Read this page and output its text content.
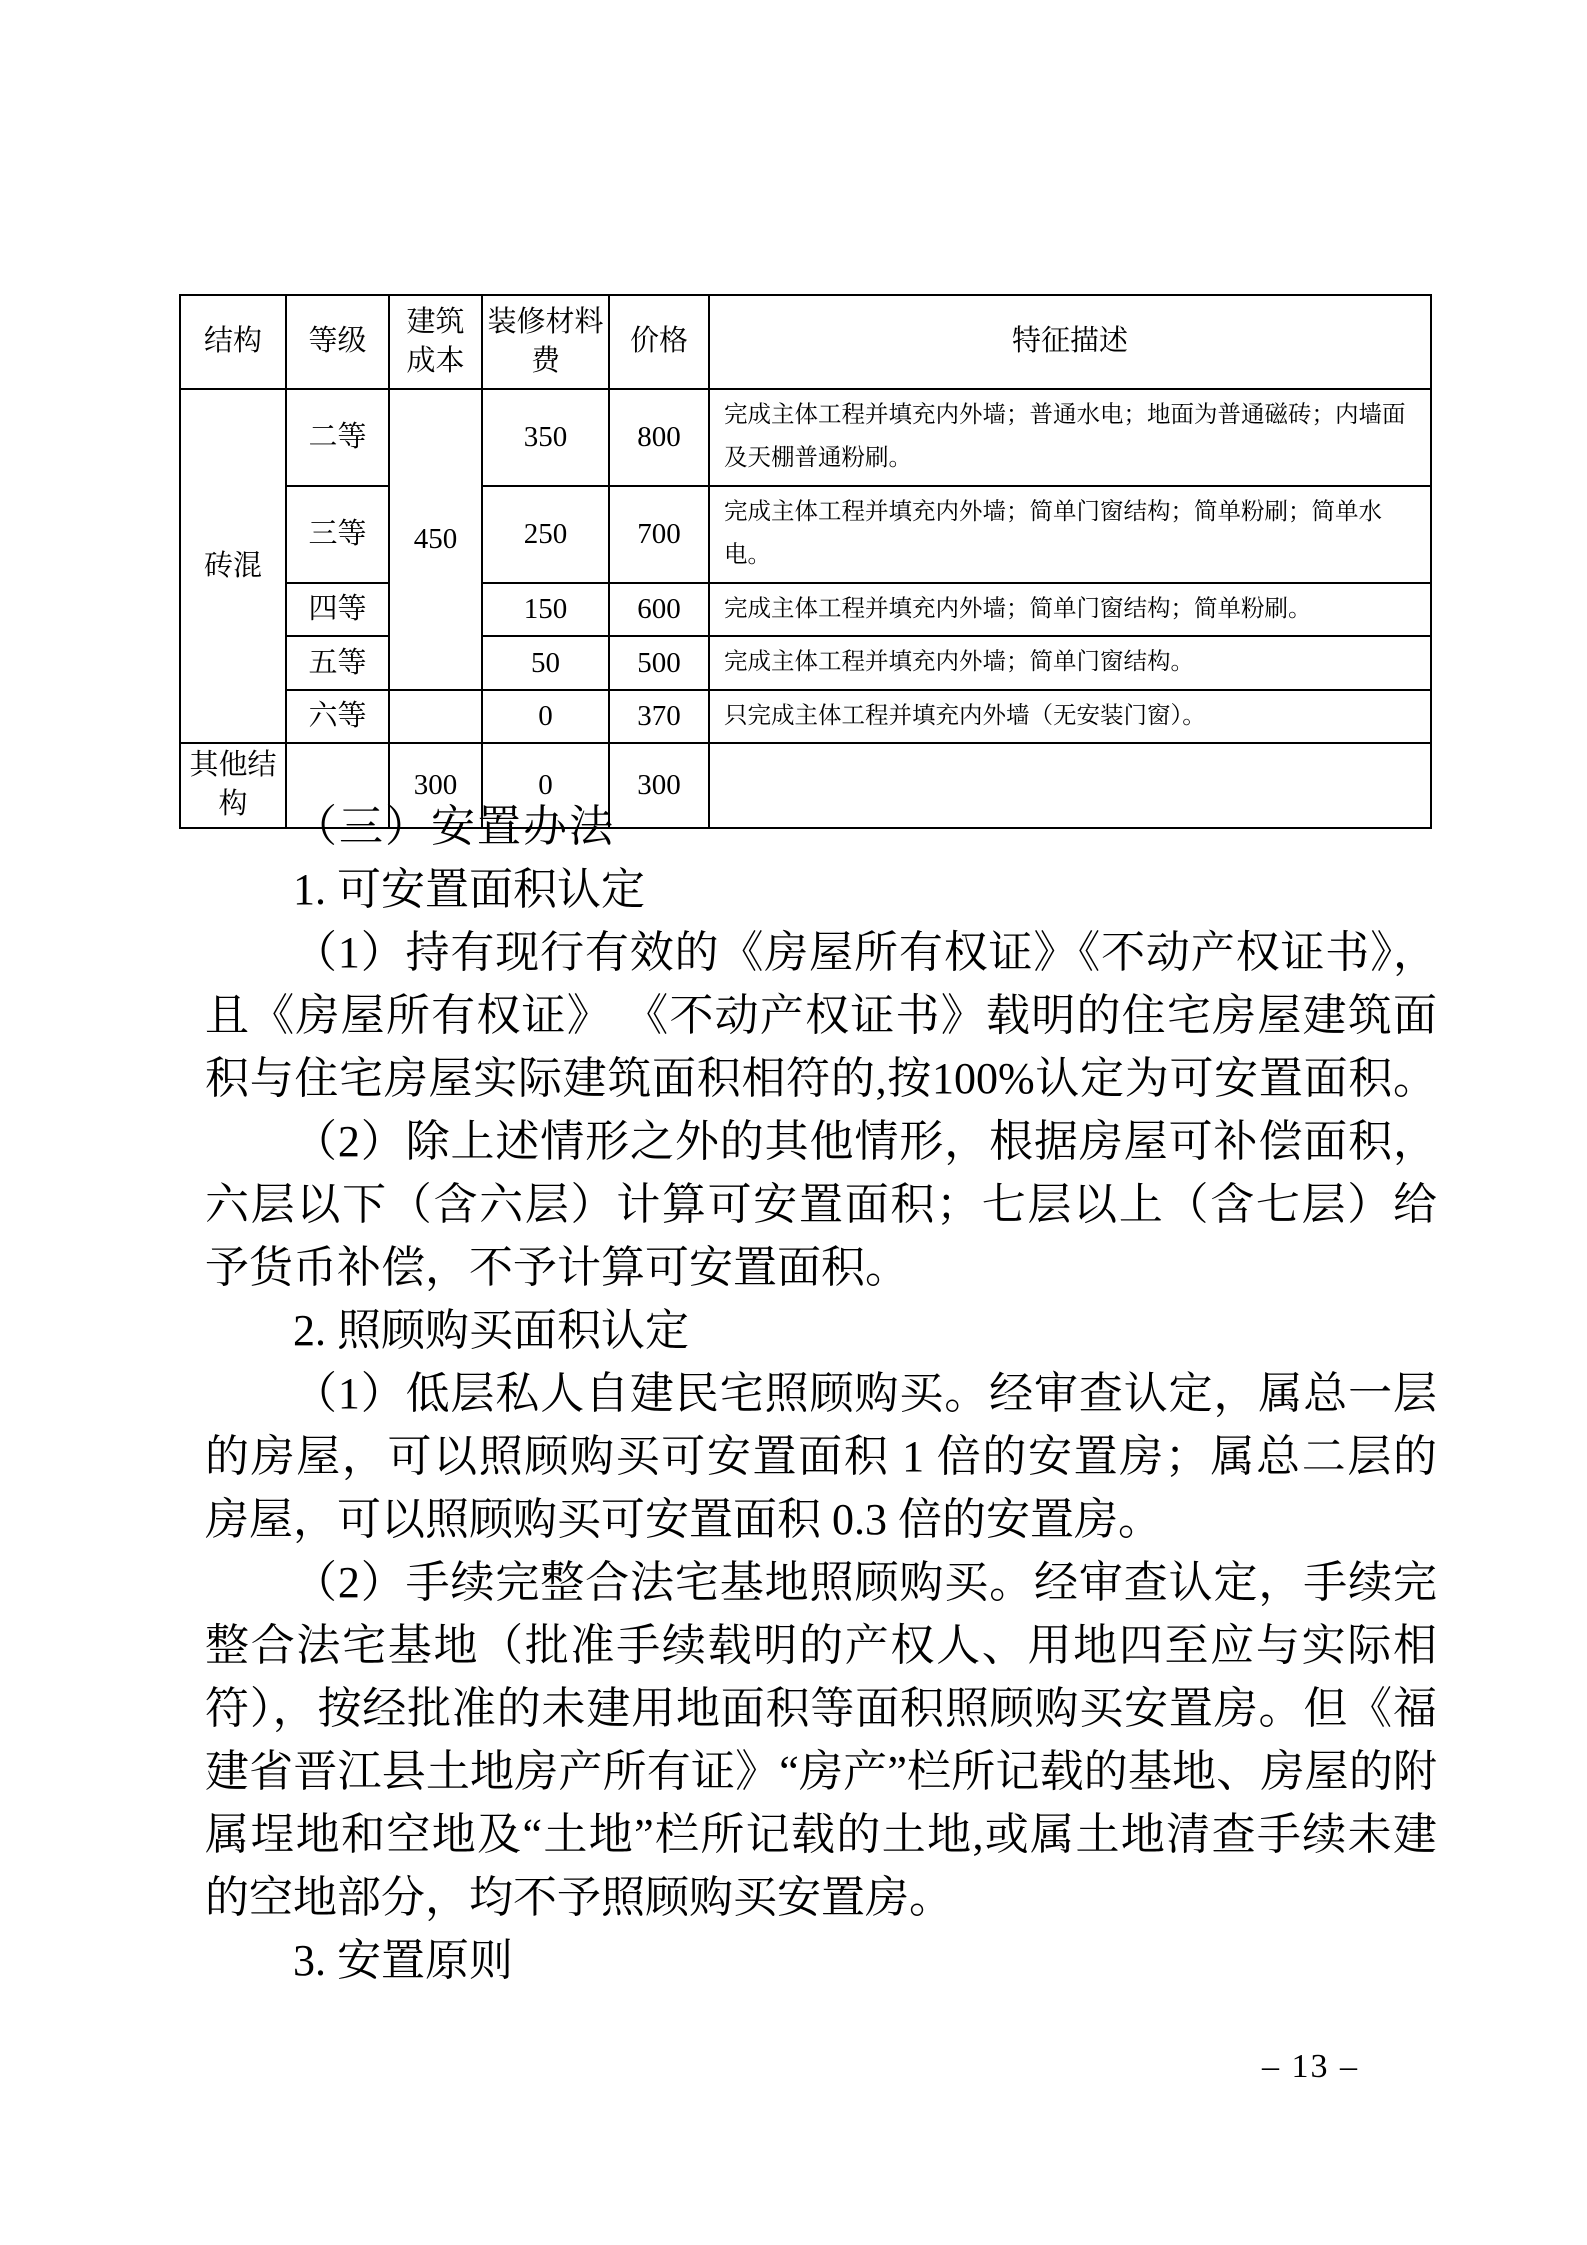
结构	等级	建筑成本	装修材料费	价格	特征描述
砖混	二等	450	350	800	完成主体工程并填充内外墙；普通水电；地面为普通磁砖；内墙面及天棚普通粉刷。
	三等		250	700	完成主体工程并填充内外墙；简单门窗结构；简单粉刷；简单水电。
	四等		150	600	完成主体工程并填充内外墙；简单门窗结构；简单粉刷。
	五等		50	500	完成主体工程并填充内外墙；简单门窗结构。
	六等		0	370	只完成主体工程并填充内外墙（无安装门窗）。
其他结构		300	0	300	
（三）安置办法
1. 可安置面积认定
（1）持有现行有效的《房屋所有权证》《不动产权证书》，
且《房屋所有权证》 《不动产权证书》载明的住宅房屋建筑面
积与住宅房屋实际建筑面积相符的,按100%认定为可安置面积。
（2）除上述情形之外的其他情形，根据房屋可补偿面积，
六层以下（含六层）计算可安置面积；七层以上（含七层）给
予货币补偿，不予计算可安置面积。
2. 照顾购买面积认定
（1）低层私人自建民宅照顾购买。经审查认定，属总一层
的房屋，可以照顾购买可安置面积 1 倍的安置房；属总二层的
房屋，可以照顾购买可安置面积 0.3 倍的安置房。
（2）手续完整合法宅基地照顾购买。经审查认定，手续完
整合法宅基地（批准手续载明的产权人、用地四至应与实际相
符），按经批准的未建用地面积等面积照顾购买安置房。但《福
建省晋江县土地房产所有证》“房产”栏所记载的基地、房屋的附
属埕地和空地及“土地”栏所记载的土地,或属土地清查手续未建
的空地部分，均不予照顾购买安置房。
3. 安置原则
– 13 –
